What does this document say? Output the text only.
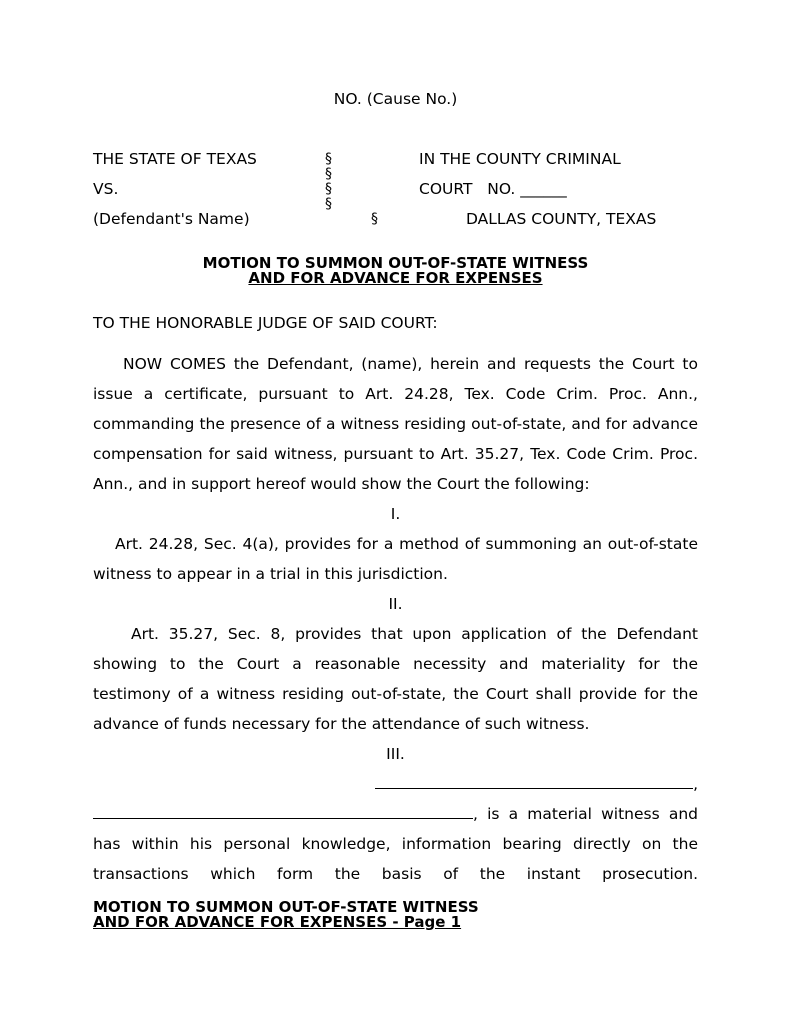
NO. (Cause No.)
THE STATE OF TEXAS
VS.
(Defendant's Name)
§
§
§
§
§
IN THE COUNTY CRIMINAL
COURT   NO. ______
DALLAS COUNTY, TEXAS
MOTION TO SUMMON OUT-OF-STATE WITNESS
AND FOR ADVANCE FOR EXPENSES
TO THE HONORABLE JUDGE OF SAID COURT:

NOW COMES the Defendant, (name), herein and requests the Court to issue a certificate, pursuant to Art. 24.28, Tex. Code Crim. Proc. Ann., commanding the presence of a witness residing out-of-state, and for advance compensation for said witness, pursuant to Art. 35.27, Tex. Code Crim. Proc. Ann., and in support hereof would show the Court the following:

I.

Art. 24.28, Sec. 4(a), provides for a method of summoning an out-of-state witness to appear in a trial in this jurisdiction.

II.

Art. 35.27, Sec. 8, provides that upon application of the Defendant showing to the Court a reasonable necessity and materiality for the testimony of a witness residing out-of-state, the Court shall provide for the advance of funds necessary for the attendance of such witness.

III.

,

, is a material witness and has within his personal knowledge, information bearing directly on the transactions which form the basis of the instant prosecution.

MOTION TO SUMMON OUT-OF-STATE WITNESS
AND FOR ADVANCE FOR EXPENSES - Page 1
